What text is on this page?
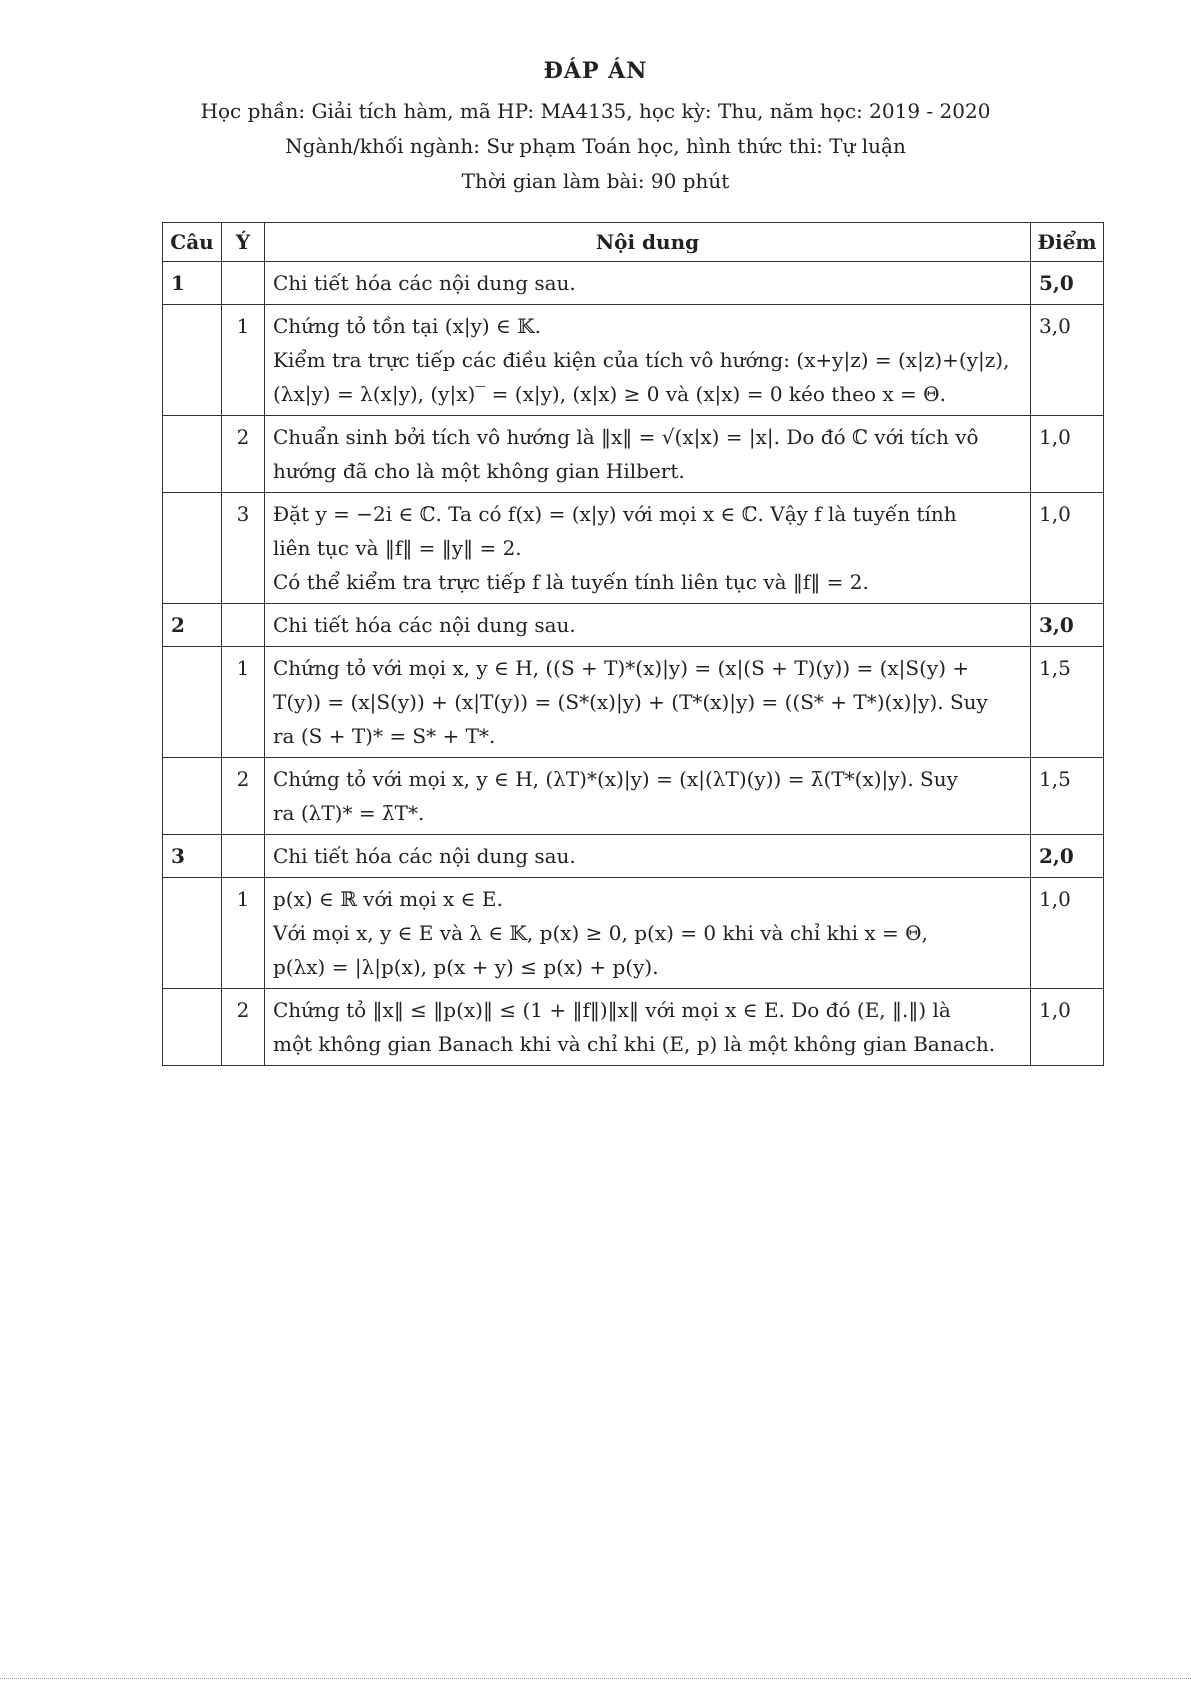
ĐÁP ÁN
Học phần: Giải tích hàm, mã HP: MA4135, học kỳ: Thu, năm học: 2019 - 2020
Ngành/khối ngành: Sư phạm Toán học, hình thức thi: Tự luận
Thời gian làm bài: 90 phút
Câu	Ý	Nội dung	Điểm
1		Chi tiết hóa các nội dung sau.	5,0
	1	Chứng tỏ tồn tại (x|y) ∈ 𝕂.
Kiểm tra trực tiếp các điều kiện của tích vô hướng: (x+y|z) = (x|z)+(y|z),
(λx|y) = λ(x|y), (y|x)‾ = (x|y), (x|x) ≥ 0 và (x|x) = 0 kéo theo x = Θ.	3,0
	2	Chuẩn sinh bởi tích vô hướng là ‖x‖ = √(x|x) = |x|. Do đó ℂ với tích vô
hướng đã cho là một không gian Hilbert.	1,0
	3	Đặt y = −2i ∈ ℂ. Ta có f(x) = (x|y) với mọi x ∈ ℂ. Vậy f là tuyến tính
liên tục và ‖f‖ = ‖y‖ = 2.
Có thể kiểm tra trực tiếp f là tuyến tính liên tục và ‖f‖ = 2.	1,0
2		Chi tiết hóa các nội dung sau.	3,0
	1	Chứng tỏ với mọi x, y ∈ H, ((S + T)*(x)|y) = (x|(S + T)(y)) = (x|S(y) +
T(y)) = (x|S(y)) + (x|T(y)) = (S*(x)|y) + (T*(x)|y) = ((S* + T*)(x)|y). Suy
ra (S + T)* = S* + T*.	1,5
	2	Chứng tỏ với mọi x, y ∈ H, (λT)*(x)|y) = (x|(λT)(y)) = λ̄(T*(x)|y). Suy
ra (λT)* = λ̄T*.	1,5
3		Chi tiết hóa các nội dung sau.	2,0
	1	p(x) ∈ ℝ với mọi x ∈ E.
Với mọi x, y ∈ E và λ ∈ 𝕂, p(x) ≥ 0, p(x) = 0 khi và chỉ khi x = Θ,
p(λx) = |λ|p(x), p(x + y) ≤ p(x) + p(y).	1,0
	2	Chứng tỏ ‖x‖ ≤ ‖p(x)‖ ≤ (1 + ‖f‖)‖x‖ với mọi x ∈ E. Do đó (E, ‖.‖) là
một không gian Banach khi và chỉ khi (E, p) là một không gian Banach.	1,0
